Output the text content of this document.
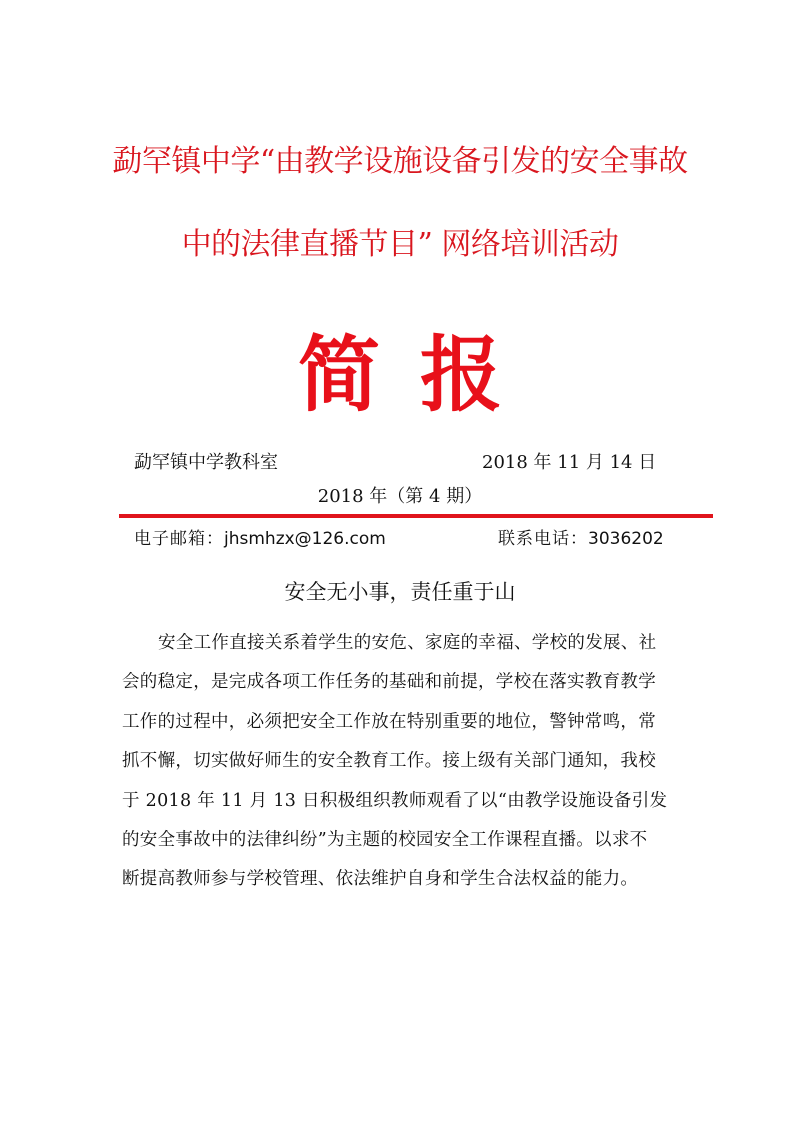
勐罕镇中学“由教学设施设备引发的安全事故
中的法律直播节目” 网络培训活动
简报
勐罕镇中学教科室	2018 年 11 月 14 日
2018 年（第 4 期）
电子邮箱：jhsmhzx@126.com	联系电话：3036202
安全无小事，责任重于山
安全工作直接关系着学生的安危、家庭的幸福、学校的发展、社
会的稳定，是完成各项工作任务的基础和前提，学校在落实教育教学
工作的过程中，必须把安全工作放在特别重要的地位，警钟常鸣，常
抓不懈，切实做好师生的安全教育工作。接上级有关部门通知，我校
于 2018 年 11 月 13 日积极组织教师观看了以“由教学设施设备引发
的安全事故中的法律纠纷”为主题的校园安全工作课程直播。以求不
断提高教师参与学校管理、依法维护自身和学生合法权益的能力。
